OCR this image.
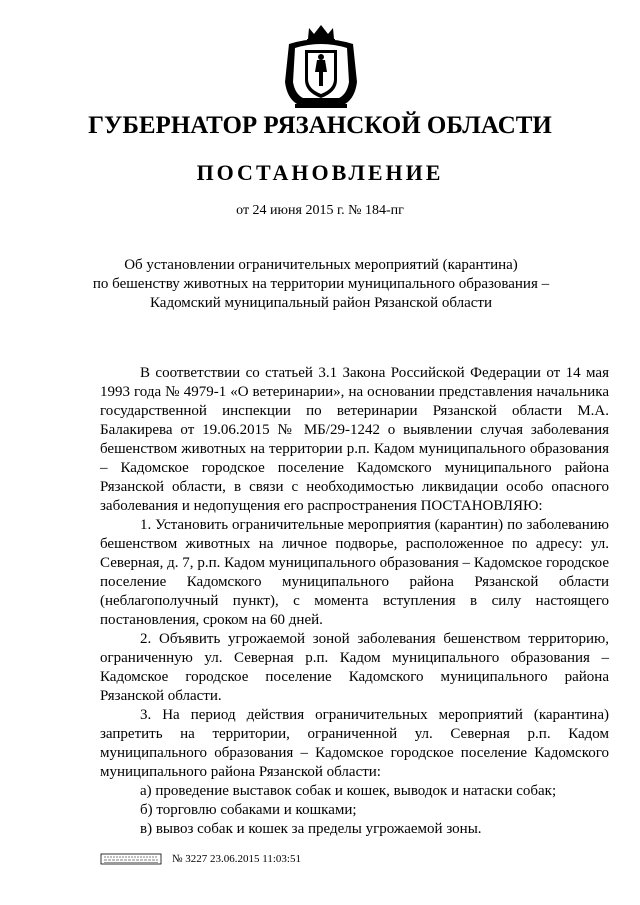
ГУБЕРНАТОР РЯЗАНСКОЙ ОБЛАСТИ
ПОСТАНОВЛЕНИЕ
от 24 июня 2015 г. № 184-пг
Об установлении ограничительных мероприятий (карантина)
по бешенству животных на территории муниципального образования –
Кадомский муниципальный район Рязанской области

В соответствии со статьей 3.1 Закона Российской Федерации от 14 мая 1993 года № 4979-1 «О ветеринарии», на основании представления начальника государственной инспекции по ветеринарии Рязанской области М.А. Балакирева от 19.06.2015 № МБ/29-1242 о выявлении случая заболевания бешенством животных на территории р.п. Кадом муниципального образования – Кадомское городское поселение Кадомского муниципального района Рязанской области, в связи с необходимостью ликвидации особо опасного заболевания и недопущения его распространения ПОСТАНОВЛЯЮ:

1. Установить ограничительные мероприятия (карантин) по заболеванию бешенством животных на личное подворье, расположенное по адресу: ул. Северная, д. 7, р.п. Кадом муниципального образования – Кадомское городское поселение Кадомского муниципального района Рязанской области (неблагополучный пункт), с момента вступления в силу настоящего постановления, сроком на 60 дней.

2. Объявить угрожаемой зоной заболевания бешенством территорию, ограниченную ул. Северная р.п. Кадом муниципального образования – Кадомское городское поселение Кадомского муниципального района Рязанской области.

3. На период действия ограничительных мероприятий (карантина) запретить на территории, ограниченной ул. Северная р.п. Кадом муниципального образования – Кадомское городское поселение Кадомского муниципального района Рязанской области:

а) проведение выставок собак и кошек, выводок и натаски собак;

б) торговлю собаками и кошками;

в) вывоз собак и кошек за пределы угрожаемой зоны.

№ 3227 23.06.2015 11:03:51
